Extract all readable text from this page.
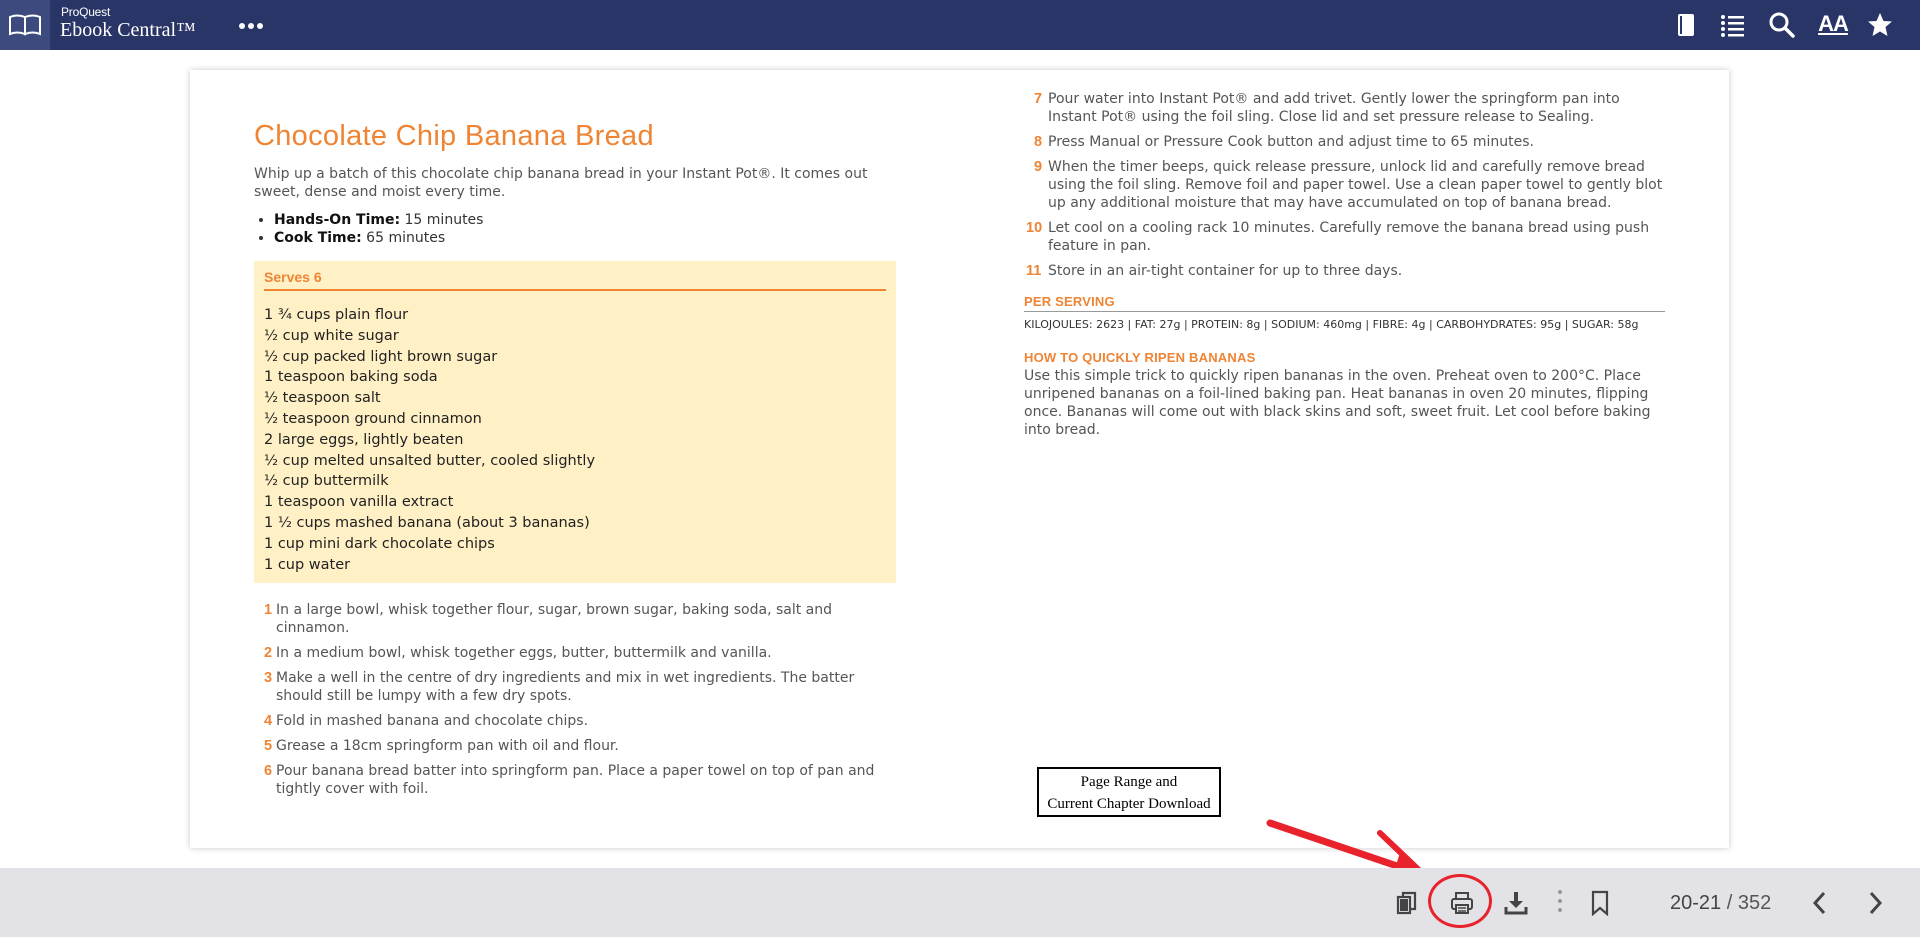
ProQuest
Ebook Central™	AA
Chocolate Chip Banana Bread

Whip up a batch of this chocolate chip banana bread in your Instant Pot®. It comes out sweet, dense and moist every time.

• Hands-On Time: 15 minutes
• Cook Time: 65 minutes
Serves 6
1 ¾ cups plain flour
½ cup white sugar
½ cup packed light brown sugar
1 teaspoon baking soda
½ teaspoon salt
½ teaspoon ground cinnamon
2 large eggs, lightly beaten
½ cup melted unsalted butter, cooled slightly
½ cup buttermilk
1 teaspoon vanilla extract
1 ½ cups mashed banana (about 3 bananas)
1 cup mini dark chocolate chips
1 cup water
1 In a large bowl, whisk together flour, sugar, brown sugar, baking soda, salt and cinnamon.
2 In a medium bowl, whisk together eggs, butter, buttermilk and vanilla.
3 Make a well in the centre of dry ingredients and mix in wet ingredients. The batter should still be lumpy with a few dry spots.
4 Fold in mashed banana and chocolate chips.
5 Grease a 18cm springform pan with oil and flour.
6 Pour banana bread batter into springform pan. Place a paper towel on top of pan and tightly cover with foil.
7 Pour water into Instant Pot® and add trivet. Gently lower the springform pan into Instant Pot® using the foil sling. Close lid and set pressure release to Sealing.
8 Press Manual or Pressure Cook button and adjust time to 65 minutes.
9 When the timer beeps, quick release pressure, unlock lid and carefully remove bread using the foil sling. Remove foil and paper towel. Use a clean paper towel to gently blot up any additional moisture that may have accumulated on top of banana bread.
10 Let cool on a cooling rack 10 minutes. Carefully remove the banana bread using push feature in pan.
11 Store in an air-tight container for up to three days.
PER SERVING
KILOJOULES: 2623 | FAT: 27g | PROTEIN: 8g | SODIUM: 460mg | FIBRE: 4g | CARBOHYDRATES: 95g | SUGAR: 58g
HOW TO QUICKLY RIPEN BANANAS
Use this simple trick to quickly ripen bananas in the oven. Preheat oven to 200°C. Place unripened bananas on a foil-lined baking pan. Heat bananas in oven 20 minutes, flipping once. Bananas will come out with black skins and soft, sweet fruit. Let cool before baking into bread.
Page Range and
Current Chapter Download
20-21 / 352
